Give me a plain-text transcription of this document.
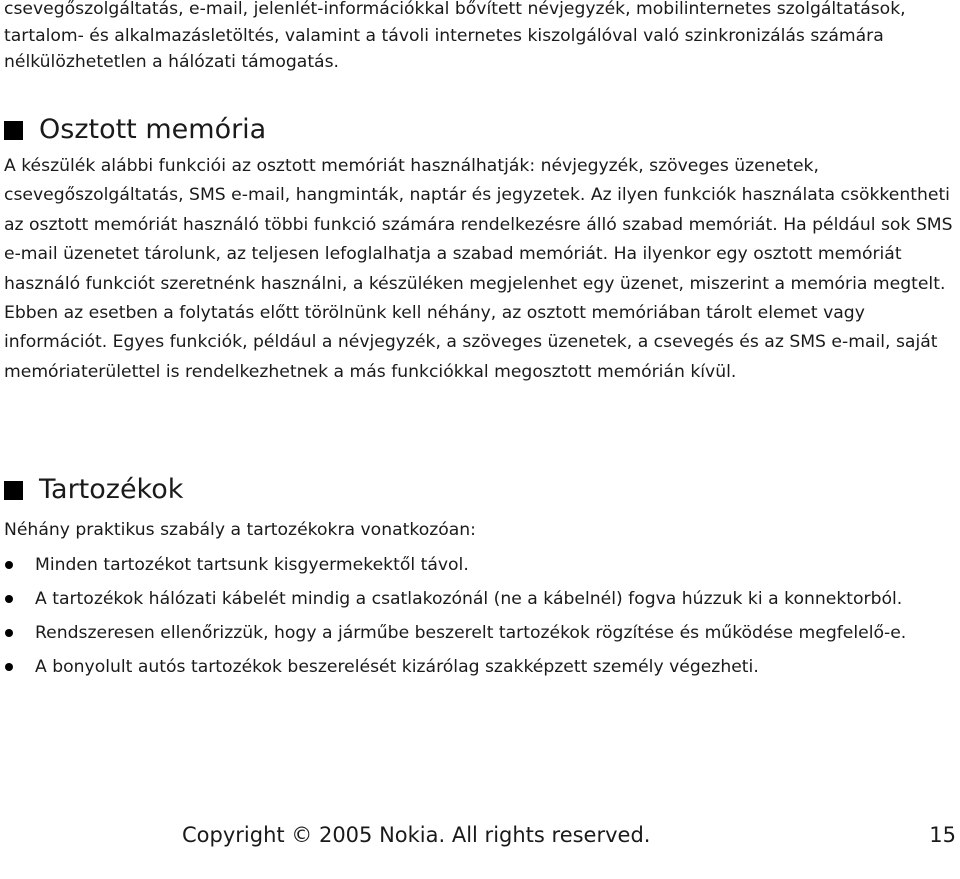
csevegőszolgáltatás, e-mail, jelenlét-információkkal bővített névjegyzék, mobilinternetes szolgáltatások, tartalom- és alkalmazásletöltés, valamint a távoli internetes kiszolgálóval való szinkronizálás számára nélkülözhetetlen a hálózati támogatás.

Osztott memória

A készülék alábbi funkciói az osztott memóriát használhatják: névjegyzék, szöveges üzenetek, csevegőszolgáltatás, SMS e-mail, hangminták, naptár és jegyzetek. Az ilyen funkciók használata csökkentheti az osztott memóriát használó többi funkció számára rendelkezésre álló szabad memóriát. Ha például sok SMS e-mail üzenetet tárolunk, az teljesen lefoglalhatja a szabad memóriát. Ha ilyenkor egy osztott memóriát használó funkciót szeretnénk használni, a készüléken megjelenhet egy üzenet, miszerint a memória megtelt. Ebben az esetben a folytatás előtt törölnünk kell néhány, az osztott memóriában tárolt elemet vagy információt. Egyes funkciók, például a névjegyzék, a szöveges üzenetek, a csevegés és az SMS e-mail, saját memóriaterülettel is rendelkezhetnek a más funkciókkal megosztott memórián kívül.

Tartozékok

Néhány praktikus szabály a tartozékokra vonatkozóan:

Minden tartozékot tartsunk kisgyermekektől távol.
A tartozékok hálózati kábelét mindig a csatlakozónál (ne a kábelnél) fogva húzzuk ki a konnektorból.
Rendszeresen ellenőrizzük, hogy a járműbe beszerelt tartozékok rögzítése és működése megfelelő-e.
A bonyolult autós tartozékok beszerelését kizárólag szakképzett személy végezheti.
Copyright © 2005 Nokia. All rights reserved.	15
